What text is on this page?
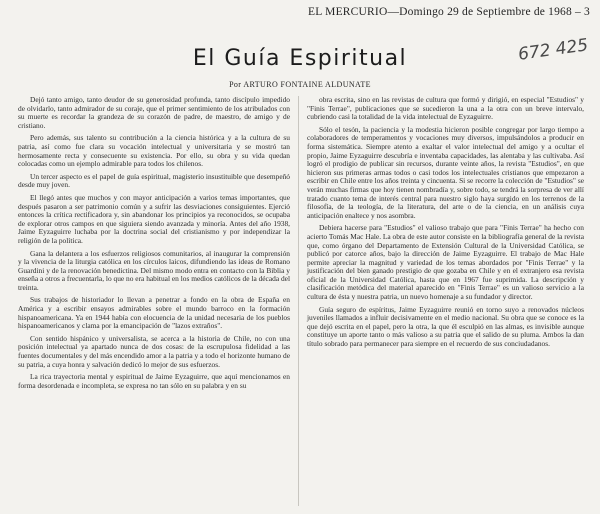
EL MERCURIO—Domingo 29 de Septiembre de 1968 – 3
672 425
El Guía Espiritual
Por ARTURO FONTAINE ALDUNATE

Dejó tanto amigo, tanto deudor de su generosidad profunda, tanto discípulo impedido de olvidarlo, tanto admirador de su coraje, que el primer sentimiento de los atribulados con su muerte es recordar la grandeza de su corazón de padre, de maestro, de amigo y de cristiano.

Pero además, sus talento su contribución a la ciencia histórica y a la cultura de su patria, así como fue clara su vocación intelectual y universitaria y se mostró tan hermosamente recta y consecuente su existencia. Por ello, su obra y su vida quedan colocadas como un ejemplo admirable para todos los chilenos.

Un tercer aspecto es el papel de guía espiritual, magisterio insustituible que desempeñó desde muy joven.

El llegó antes que muchos y con mayor anticipación a varios temas importantes, que después pasaron a ser patrimonio común y a sufrir las desviaciones consiguientes. Ejerció entonces la crítica rectificadora y, sin abandonar los principios ya reconocidos, se ocupaba de explorar otros campos en que siguiera siendo avanzada y minoría. Antes del año 1938, Jaime Eyzaguirre luchaba por la doctrina social del cristianismo y por independizar la religión de la política.

Gana la delantera a los esfuerzos religiosos comunitarios, al inaugurar la comprensión y la vivencia de la liturgia católica en los círculos laicos, difundiendo las ideas de Romano Guardini y de la renovación benedictina. Del mismo modo entra en contacto con la Biblia y enseña a otros a frecuentarla, lo que no era habitual en los medios católicos de la década del treinta.

Sus trabajos de historiador lo llevan a penetrar a fondo en la obra de España en América y a escribir ensayos admirables sobre el mundo barroco en la formación hispanoamericana. Ya en 1944 había con elocuencia de la unidad necesaria de los pueblos hispanoamericanos y clama por la emancipación de "lazos extraños".

Con sentido hispánico y universalista, se acerca a la historia de Chile, no con una posición intelectual ya apartado nunca de dos cosas: de la escrupulosa fidelidad a las fuentes documentales y del más encendido amor a la patria y a todo el horizonte humano de su patria, a cuya honra y salvación dedicó lo mejor de sus esfuerzos.

La rica trayectoria mental y espiritual de Jaime Eyzaguirre, que aquí mencionamos en forma desordenada e incompleta, se expresa no tan sólo en su palabra y en su

obra escrita, sino en las revistas de cultura que formó y dirigió, en especial "Estudios" y "Finis Terrae", publicaciones que se sucedieron la una a la otra con un breve intervalo, cubriendo casi la totalidad de la vida intelectual de Eyzaguirre.

Sólo el tesón, la paciencia y la modestia hicieron posible congregar por largo tiempo a colaboradores de temperamentos y vocaciones muy diversos, impulsándolos a producir en forma sistemática. Siempre atento a exaltar el valor intelectual del amigo y a ocultar el propio, Jaime Eyzaguirre descubría e inventaba capacidades, las alentaba y las cultivaba. Así logró el prodigio de publicar sin recursos, durante veinte años, la revista "Estudios", en que hicieron sus primeras armas todos o casi todos los intelectuales cristianos que empezaron a escribir en Chile entre los años treinta y cincuenta. Si se recorre la colección de "Estudios" se verán muchas firmas que hoy tienen nombradía y, sobre todo, se tendrá la sorpresa de ver allí tratado cuanto tema de interés central para nuestro siglo haya surgido en los terrenos de la filosofía, de la teología, de la literatura, del arte o de la ciencia, en un análisis cuya anticipación enaltece y nos asombra.

Debiera hacerse para "Estudios" el valioso trabajo que para "Finis Terrae" ha hecho con acierto Tomás Mac Hale. La obra de este autor consiste en la bibliografía general de la revista que, como órgano del Departamento de Extensión Cultural de la Universidad Católica, se publicó por catorce años, bajo la dirección de Jaime Eyzaguirre. El trabajo de Mac Hale permite apreciar la magnitud y variedad de los temas abordados por "Finis Terrae" y la justificación del bien ganado prestigio de que gozaba en Chile y en el extranjero esa revista oficial de la Universidad Católica, hasta que en 1967 fue suprimida. La descripción y clasificación metódica del material aparecido en "Finis Terrae" es un valioso servicio a la cultura de ésta y nuestra patria, un nuevo homenaje a su fundador y director.

Guía seguro de espíritus, Jaime Eyzaguirre reunió en torno suyo a renovados núcleos juveniles llamados a influir decisivamente en el medio nacional. Su obra que se conoce es la que dejó escrita en el papel, pero la otra, la que él esculpió en las almas, es invisible aunque constituye un aporte tanto o más valioso a su patria que el salido de su pluma. Ambos la dan título sobrado para permanecer para siempre en el recuerdo de sus conciudadanos.
